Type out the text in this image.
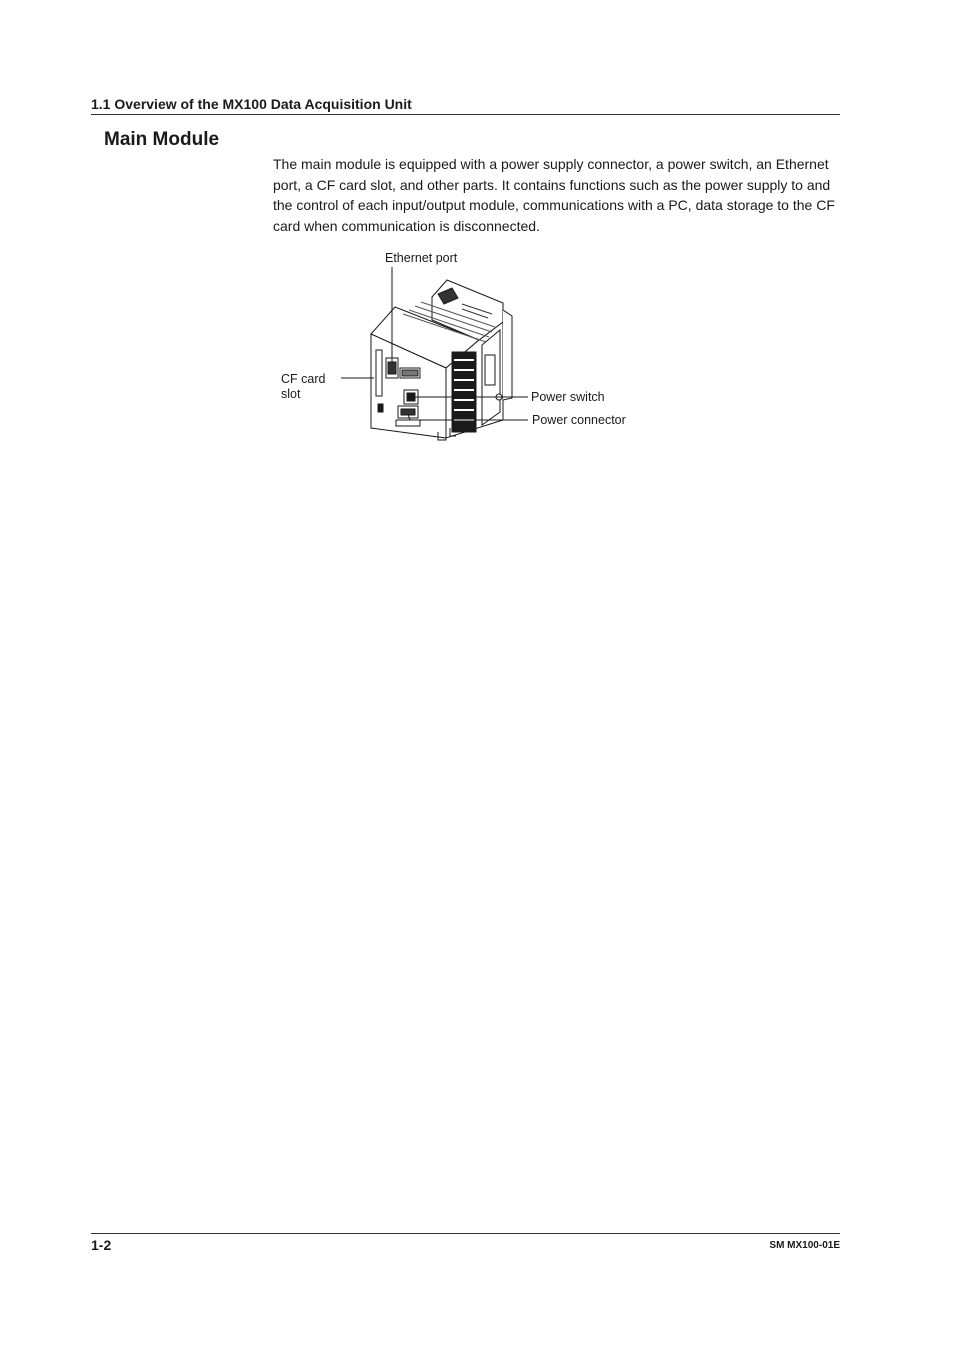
1.1 Overview of the MX100 Data Acquisition Unit
Main Module

The main module is equipped with a power supply connector, a power switch, an Ethernet port, a CF card slot, and other parts. It contains functions such as the power supply to and the control of each input/output module, communications with a PC, data storage to the CF card when communication is disconnected.

Ethernet port
CF card
slot	Power switch
Power connector
1-2	SM MX100-01E
